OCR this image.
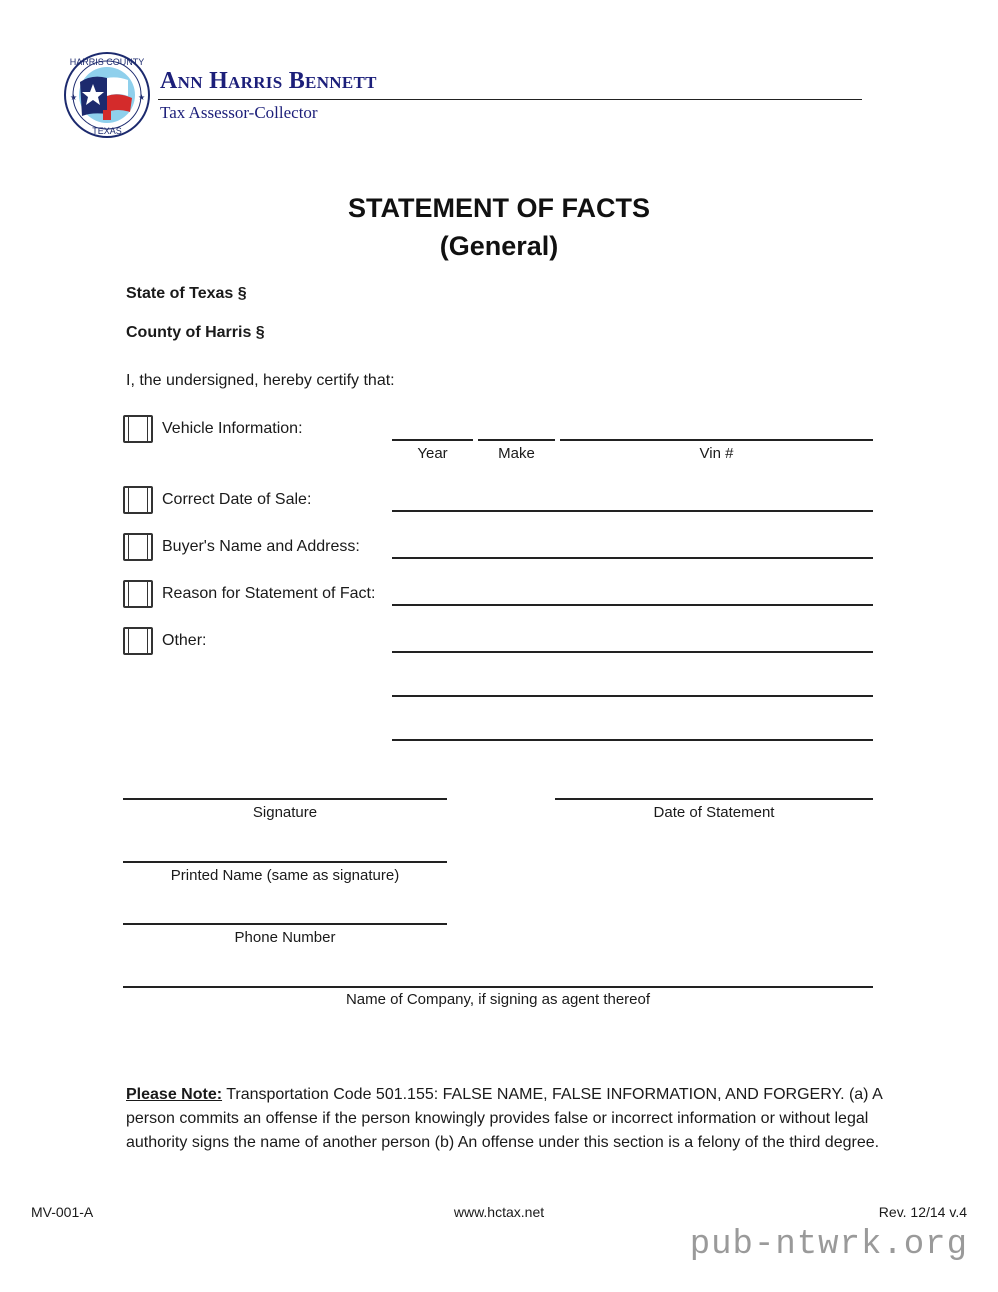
HARRIS COUNTY
TEXAS
★	★
Ann Harris Bennett
Tax Assessor-Collector
STATEMENT OF FACTS
(General)
State of Texas §
County of Harris §
I, the undersigned, hereby certify that:
Vehicle Information:
Year	Make	Vin #
Correct Date of Sale:
Buyer's Name and Address:
Reason for Statement of Fact:
Other:
Signature	Date of Statement
Printed Name (same as signature)
Phone Number
Name of Company, if signing as agent thereof
Please Note: Transportation Code 501.155: FALSE NAME, FALSE INFORMATION, AND FORGERY. (a) A person commits an offense if the person knowingly provides false or incorrect information or without legal authority signs the name of another person (b) An offense under this section is a felony of the third degree.
MV-001-A	www.hctax.net	Rev. 12/14 v.4
pub-ntwrk.org
